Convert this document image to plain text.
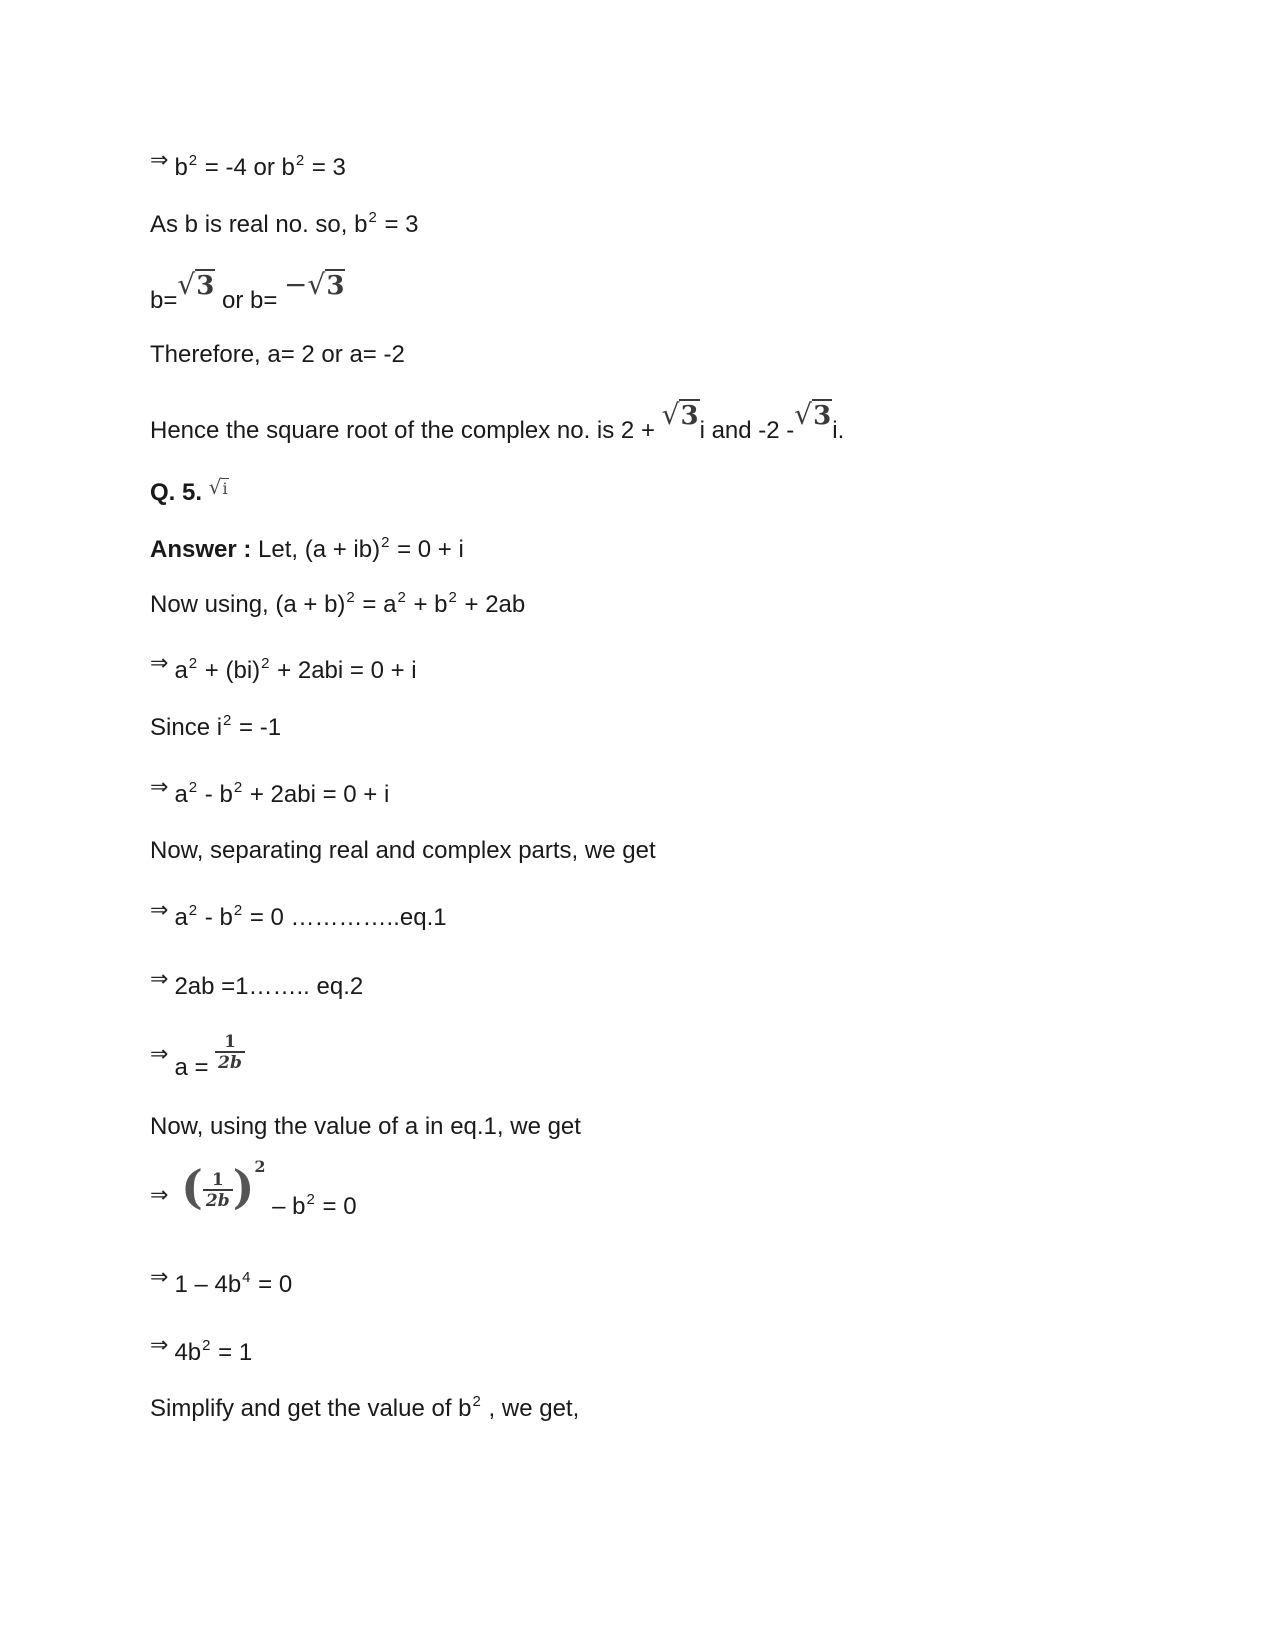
⇒ $b^2 = -4$ or $b^2 = 3$
As b is real no. so, $b^2 = 3$
b=√3 or b= −√3
Therefore, a= 2 or a= -2
Hence the square root of the complex no. is 2 + √3i and -2 -√3i.
Q. 5. √i
Answer : Let, (a + ib)$^2$ = 0 + i
Now using, $(a + b)^2 = a^2 + b^2 + 2ab$
⇒ $a^2 + (bi)^2 + 2abi = 0 + i$
Since $i^2 = -1$
⇒ $a^2 - b^2 + 2abi = 0 + i$
Now, separating real and complex parts, we get
⇒ $a^2 - b^2 = 0$ …………..eq.1
⇒ 2ab =1…….. eq.2
⇒a = $\frac{1}{2b}$
Now, using the value of a in eq.1, we get
⇒ ( $\frac{1}{2b} )^2 - b^2 = 0$
⇒ $1 - 4b^4 = 0$
⇒ $4b^2 = 1$
Simplify and get the value of $b^2$ , we get,
